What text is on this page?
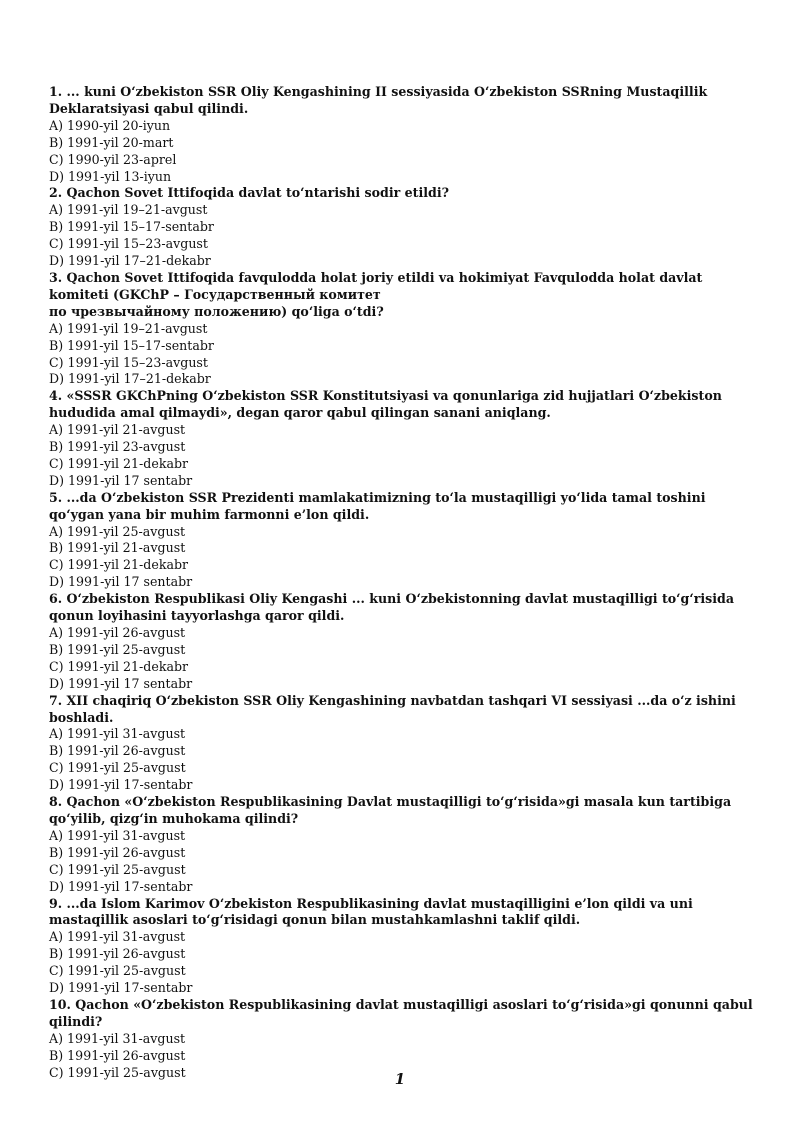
1. ... kuni O‘zbekiston SSR Oliy Kengashining II sessiyasida O‘zbekiston SSRning Mustaqillik Deklaratsiyasi qabul qilindi.
A) 1990-yil 20-iyun
B) 1991-yil 20-mart
C) 1990-yil 23-aprel
D) 1991-yil 13-iyun
2. Qachon Sovet Ittifoqida davlat to‘ntarishi sodir etildi?
A) 1991-yil 19–21-avgust
B) 1991-yil 15–17-sentabr
C) 1991-yil 15–23-avgust
D) 1991-yil 17–21-dekabr
3. Qachon Sovet Ittifoqida favqulodda holat joriy etildi va hokimiyat Favqulodda holat davlat komiteti (GKChP – Государственный комитет
по чрезвычайному положению) qo‘liga o‘tdi?
A) 1991-yil 19–21-avgust
B) 1991-yil 15–17-sentabr
C) 1991-yil 15–23-avgust
D) 1991-yil 17–21-dekabr
4. «SSSR GKChPning O‘zbekiston SSR Konstitutsiyasi va qonunlariga zid hujjatlari O‘zbekiston hududida amal qilmaydi», degan qaror qabul qilingan sanani aniqlang.
A) 1991-yil 21-avgust
B) 1991-yil 23-avgust
C) 1991-yil 21-dekabr
D) 1991-yil 17 sentabr
5. ...da O‘zbekiston SSR Prezidenti mamlakatimizning to‘la mustaqilligi yo‘lida tamal toshini qo‘ygan yana bir muhim farmonni e’lon qildi.
A) 1991-yil 25-avgust
B) 1991-yil 21-avgust
C) 1991-yil 21-dekabr
D) 1991-yil 17 sentabr
6. O‘zbekiston Respublikasi Oliy Kengashi ... kuni O‘zbekistonning davlat mustaqilligi to‘g‘risida qonun loyihasini tayyorlashga qaror qildi.
A) 1991-yil 26-avgust
B) 1991-yil 25-avgust
C) 1991-yil 21-dekabr
D) 1991-yil 17 sentabr
7. XII chaqiriq O‘zbekiston SSR Oliy Kengashining navbatdan tashqari VI sessiyasi ...da o‘z ishini boshladi.
A) 1991-yil 31-avgust
B) 1991-yil 26-avgust
C) 1991-yil 25-avgust
D) 1991-yil 17-sentabr
8. Qachon «O‘zbekiston Respublikasining Davlat mustaqilligi to‘g‘risida»gi masala kun tartibiga qo‘yilib, qizg‘in muhokama qilindi?
A) 1991-yil 31-avgust
B) 1991-yil 26-avgust
C) 1991-yil 25-avgust
D) 1991-yil 17-sentabr
9. ...da Islom Karimov O‘zbekiston Respublikasining davlat mustaqilligini e’lon qildi va uni mastaqillik asoslari to‘g‘risidagi qonun bilan mustahkamlashni taklif qildi.
A) 1991-yil 31-avgust
B) 1991-yil 26-avgust
C) 1991-yil 25-avgust
D) 1991-yil 17-sentabr
10. Qachon «O‘zbekiston Respublikasining davlat mustaqilligi asoslari to‘g‘risida»gi qonunni qabul qilindi?
A) 1991-yil 31-avgust
B) 1991-yil 26-avgust
C) 1991-yil 25-avgust	1
